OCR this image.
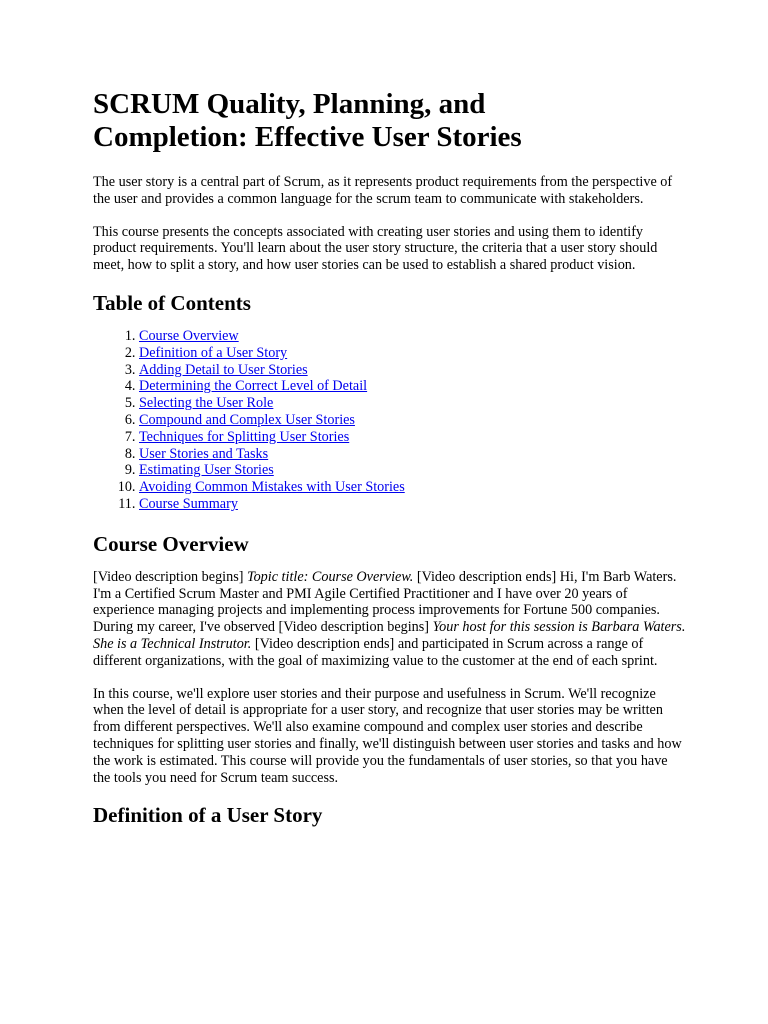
SCRUM Quality, Planning, and Completion: Effective User Stories

The user story is a central part of Scrum, as it represents product requirements from the perspective of the user and provides a common language for the scrum team to communicate with stakeholders.

This course presents the concepts associated with creating user stories and using them to identify product requirements. You'll learn about the user story structure, the criteria that a user story should meet, how to split a story, and how user stories can be used to establish a shared product vision.

Table of Contents
1. Course Overview
2. Definition of a User Story
3. Adding Detail to User Stories
4. Determining the Correct Level of Detail
5. Selecting the User Role
6. Compound and Complex User Stories
7. Techniques for Splitting User Stories
8. User Stories and Tasks
9. Estimating User Stories
10. Avoiding Common Mistakes with User Stories
11. Course Summary
Course Overview

[Video description begins] Topic title: Course Overview. [Video description ends] Hi, I'm Barb Waters. I'm a Certified Scrum Master and PMI Agile Certified Practitioner and I have over 20 years of experience managing projects and implementing process improvements for Fortune 500 companies. During my career, I've observed [Video description begins] Your host for this session is Barbara Waters. She is a Technical Instrutor. [Video description ends] and participated in Scrum across a range of different organizations, with the goal of maximizing value to the customer at the end of each sprint.

In this course, we'll explore user stories and their purpose and usefulness in Scrum. We'll recognize when the level of detail is appropriate for a user story, and recognize that user stories may be written from different perspectives. We'll also examine compound and complex user stories and describe techniques for splitting user stories and finally, we'll distinguish between user stories and tasks and how the work is estimated. This course will provide you the fundamentals of user stories, so that you have the tools you need for Scrum team success.

Definition of a User Story
